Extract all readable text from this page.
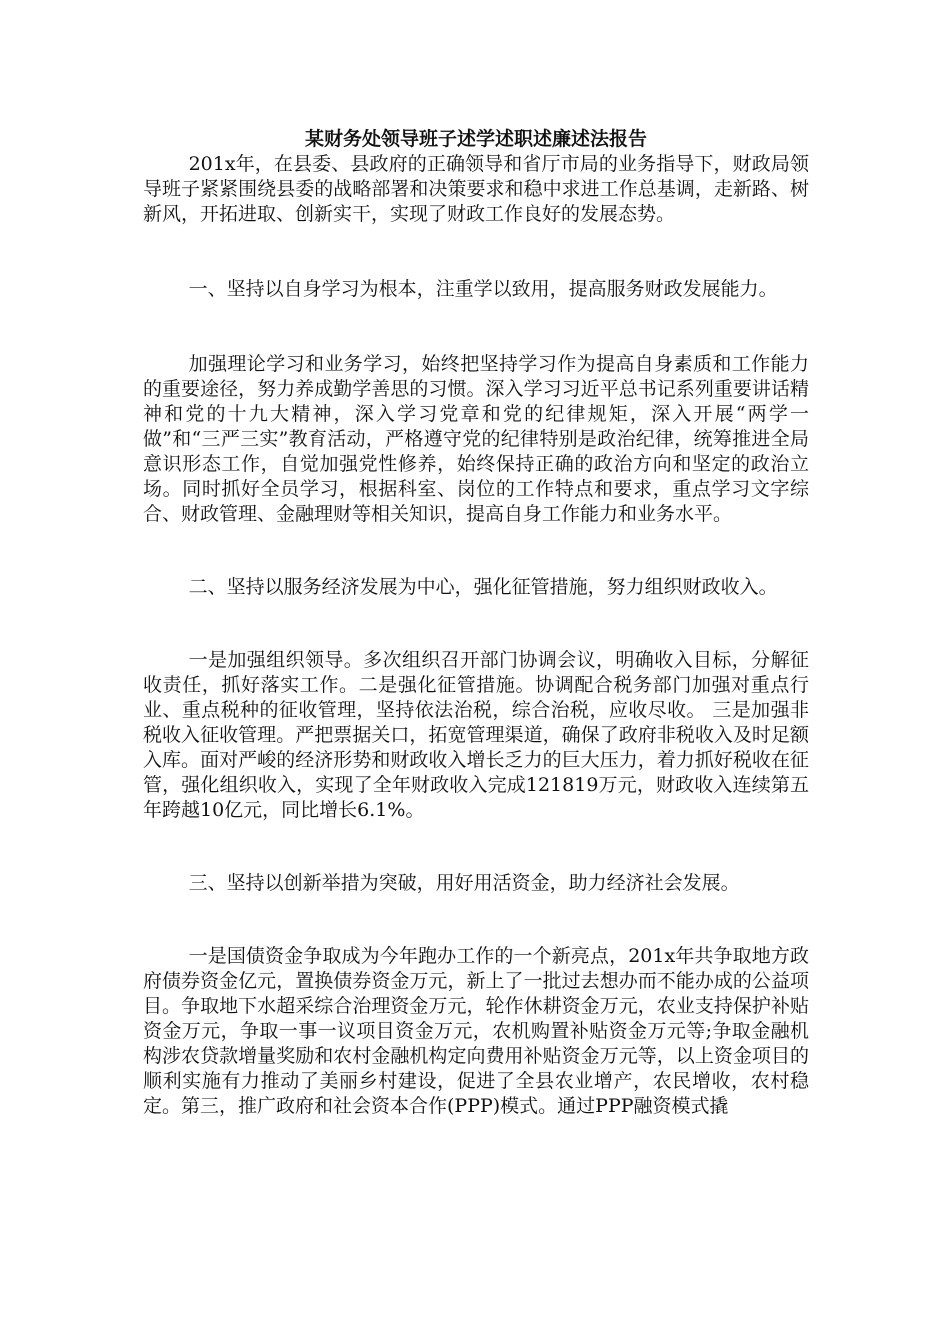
某财务处领导班子述学述职述廉述法报告

201x年，在县委、县政府的正确领导和省厅市局的业务指导下，财政局领导班子紧紧围绕县委的战略部署和决策要求和稳中求进工作总基调，走新路、树新风，开拓进取、创新实干，实现了财政工作良好的发展态势。

一、坚持以自身学习为根本，注重学以致用，提高服务财政发展能力。

加强理论学习和业务学习，始终把坚持学习作为提高自身素质和工作能力的重要途径，努力养成勤学善思的习惯。深入学习习近平总书记系列重要讲话精神和党的十九大精神，深入学习党章和党的纪律规矩，深入开展“两学一做”和“三严三实”教育活动，严格遵守党的纪律特别是政治纪律，统筹推进全局意识形态工作，自觉加强党性修养，始终保持正确的政治方向和坚定的政治立场。同时抓好全员学习，根据科室、岗位的工作特点和要求，重点学习文字综合、财政管理、金融理财等相关知识，提高自身工作能力和业务水平。

二、坚持以服务经济发展为中心，强化征管措施，努力组织财政收入。

一是加强组织领导。多次组织召开部门协调会议，明确收入目标，分解征收责任，抓好落实工作。二是强化征管措施。协调配合税务部门加强对重点行业、重点税种的征收管理，坚持依法治税，综合治税，应收尽收。 三是加强非税收入征收管理。严把票据关口，拓宽管理渠道，确保了政府非税收入及时足额入库。面对严峻的经济形势和财政收入增长乏力的巨大压力，着力抓好税收在征管，强化组织收入，实现了全年财政收入完成121819万元，财政收入连续第五年跨越10亿元，同比增长6.1%。

三、坚持以创新举措为突破，用好用活资金，助力经济社会发展。

一是国债资金争取成为今年跑办工作的一个新亮点，201x年共争取地方政府债券资金亿元，置换债券资金万元，新上了一批过去想办而不能办成的公益项目。争取地下水超采综合治理资金万元，轮作休耕资金万元，农业支持保护补贴资金万元，争取一事一议项目资金万元，农机购置补贴资金万元等;争取金融机构涉农贷款增量奖励和农村金融机构定向费用补贴资金万元等，以上资金项目的顺利实施有力推动了美丽乡村建设，促进了全县农业增产，农民增收，农村稳定。第三，推广政府和社会资本合作(PPP)模式。通过PPP融资模式撬
